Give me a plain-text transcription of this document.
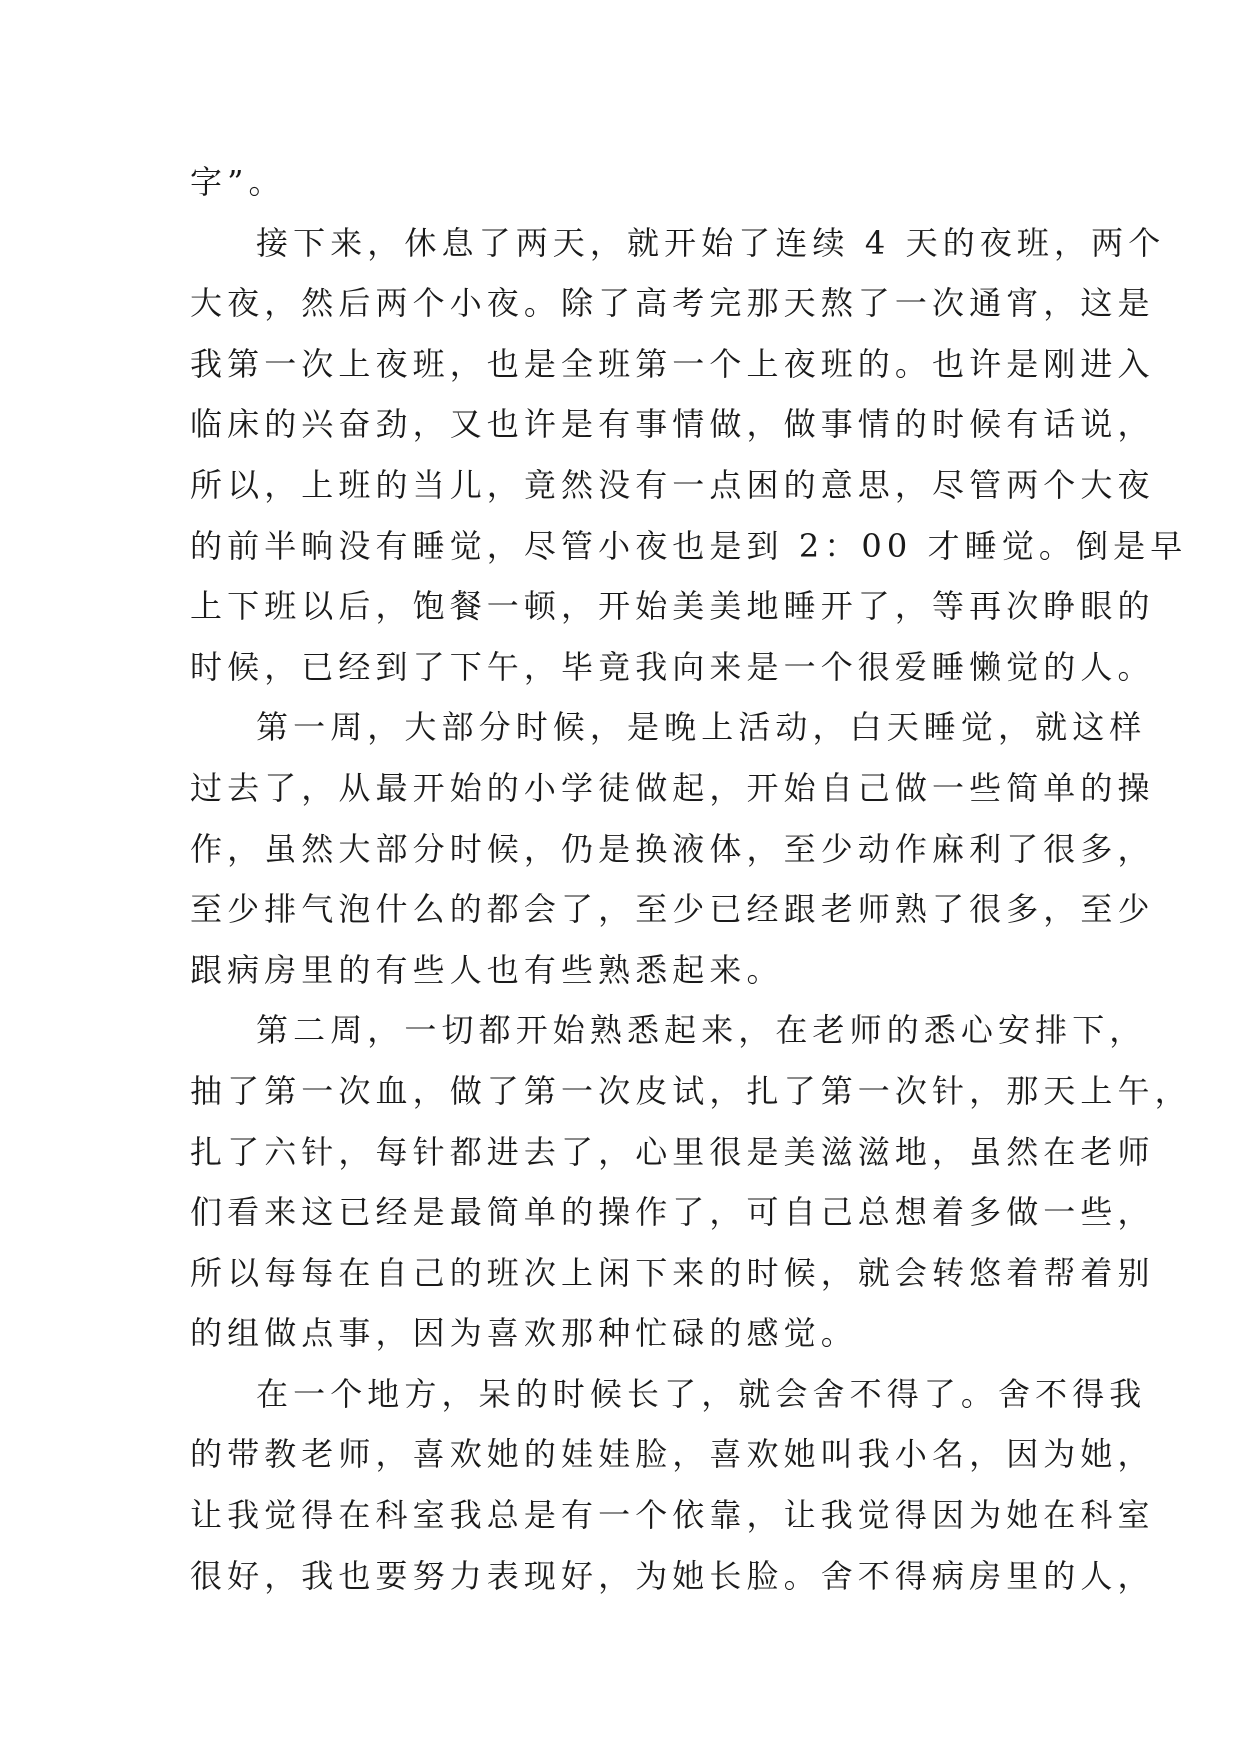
字”。
接下来，休息了两天，就开始了连续 4 天的夜班，两个
大夜，然后两个小夜。除了高考完那天熬了一次通宵，这是
我第一次上夜班，也是全班第一个上夜班的。也许是刚进入
临床的兴奋劲，又也许是有事情做，做事情的时候有话说，
所以，上班的当儿，竟然没有一点困的意思，尽管两个大夜
的前半晌没有睡觉，尽管小夜也是到 2：00 才睡觉。倒是早
上下班以后，饱餐一顿，开始美美地睡开了，等再次睁眼的
时候，已经到了下午，毕竟我向来是一个很爱睡懒觉的人。
第一周，大部分时候，是晚上活动，白天睡觉，就这样
过去了，从最开始的小学徒做起，开始自己做一些简单的操
作，虽然大部分时候，仍是换液体，至少动作麻利了很多，
至少排气泡什么的都会了，至少已经跟老师熟了很多，至少
跟病房里的有些人也有些熟悉起来。
第二周，一切都开始熟悉起来，在老师的悉心安排下，
抽了第一次血，做了第一次皮试，扎了第一次针，那天上午，
扎了六针，每针都进去了，心里很是美滋滋地，虽然在老师
们看来这已经是最简单的操作了，可自己总想着多做一些，
所以每每在自己的班次上闲下来的时候，就会转悠着帮着别
的组做点事，因为喜欢那种忙碌的感觉。
在一个地方，呆的时候长了，就会舍不得了。舍不得我
的带教老师，喜欢她的娃娃脸，喜欢她叫我小名，因为她，
让我觉得在科室我总是有一个依靠，让我觉得因为她在科室
很好，我也要努力表现好，为她长脸。舍不得病房里的人，
